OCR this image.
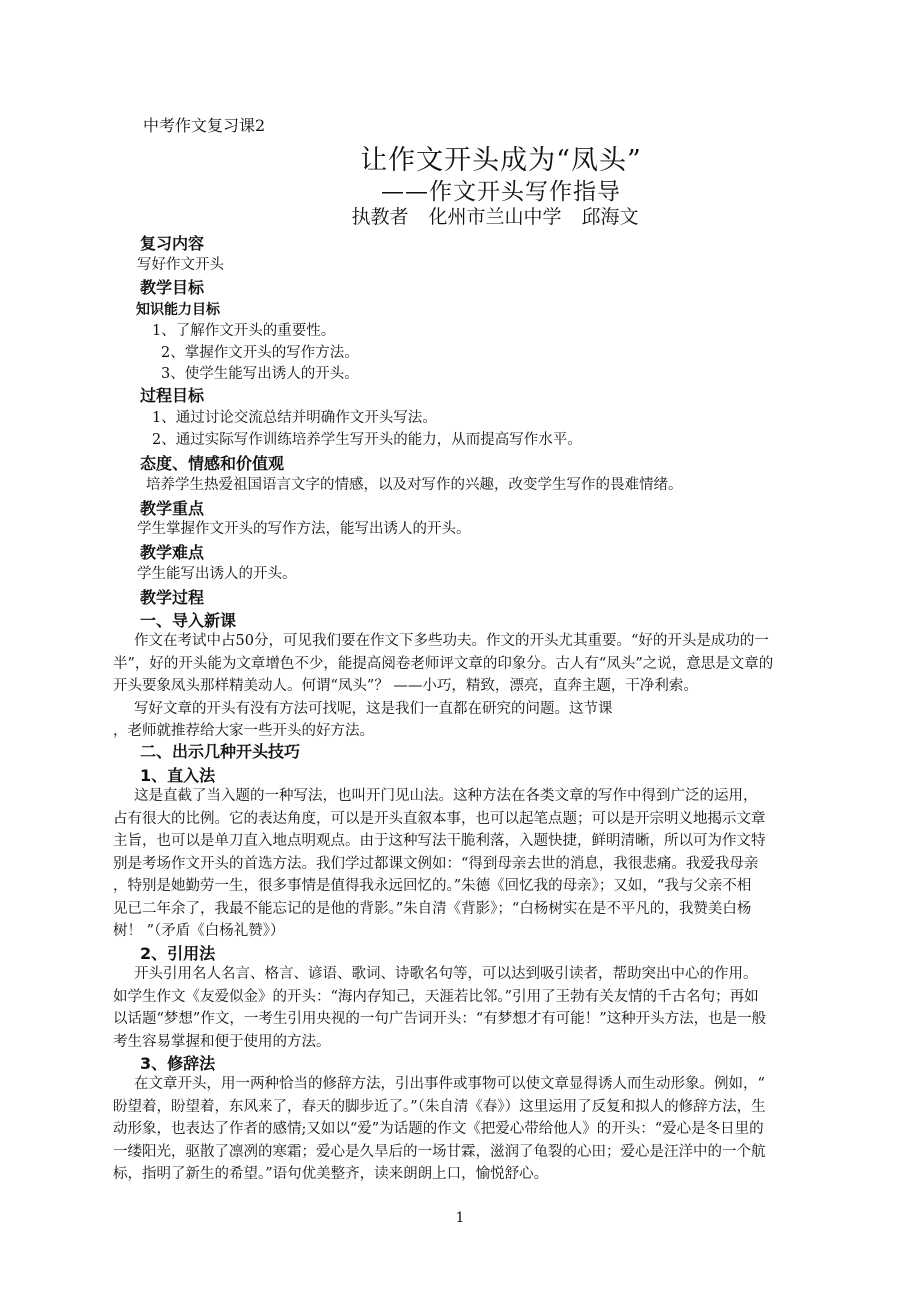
中考作文复习课2
让作文开头成为“凤头”
——作文开头写作指导
执教者 化州市兰山中学 邱海文
复习内容
写好作文开头
教学目标
知识能力目标
1、了解作文开头的重要性。
2、掌握作文开头的写作方法。
3、使学生能写出诱人的开头。
过程目标
1、通过讨论交流总结并明确作文开头写法。
2、通过实际写作训练培养学生写开头的能力，从而提高写作水平。
态度、情感和价值观
培养学生热爱祖国语言文字的情感，以及对写作的兴趣，改变学生写作的畏难情绪。
教学重点
学生掌握作文开头的写作方法，能写出诱人的开头。
教学难点
学生能写出诱人的开头。
教学过程
一、导入新课
作文在考试中占50分，可见我们要在作文下多些功夫。作文的开头尤其重要。“好的开头是成功的一
半”，好的开头能为文章增色不少，能提高阅卷老师评文章的印象分。古人有“凤头”之说，意思是文章的
开头要象凤头那样精美动人。何谓“凤头”？ ——小巧，精致，漂亮，直奔主题，干净利索。
写好文章的开头有没有方法可找呢，这是我们一直都在研究的问题。这节课
，老师就推荐给大家一些开头的好方法。
二、出示几种开头技巧
1、直入法
这是直截了当入题的一种写法，也叫开门见山法。这种方法在各类文章的写作中得到广泛的运用，
占有很大的比例。它的表达角度，可以是开头直叙本事，也可以起笔点题；可以是开宗明义地揭示文章
主旨，也可以是单刀直入地点明观点。由于这种写法干脆利落，入题快捷，鲜明清晰，所以可为作文特
别是考场作文开头的首选方法。我们学过都课文例如：“得到母亲去世的消息，我很悲痛。我爱我母亲
，特别是她勤劳一生，很多事情是值得我永远回忆的。”朱德《回忆我的母亲》；又如，“我与父亲不相
见已二年余了，我最不能忘记的是他的背影。”朱自清《背影》；“白杨树实在是不平凡的，我赞美白杨
树！ ”（矛盾《白杨礼赞》）
2、引用法
开头引用名人名言、格言、谚语、歌词、诗歌名句等，可以达到吸引读者，帮助突出中心的作用。
如学生作文《友爱似金》的开头：“海内存知己，天涯若比邻。”引用了王勃有关友情的千古名句；再如
以话题“梦想”作文，一考生引用央视的一句广告词开头：“有梦想才有可能！”这种开头方法，也是一般
考生容易掌握和便于使用的方法。
3、修辞法
在文章开头，用一两种恰当的修辞方法，引出事件或事物可以使文章显得诱人而生动形象。例如，“
盼望着，盼望着，东风来了，春天的脚步近了。”（朱自清《春》）这里运用了反复和拟人的修辞方法，生
动形象，也表达了作者的感情;又如以“爱”为话题的作文《把爱心带给他人》的开头：“爱心是冬日里的
一缕阳光，驱散了凛冽的寒霜；爱心是久旱后的一场甘霖，滋润了龟裂的心田；爱心是汪洋中的一个航
标，指明了新生的希望。”语句优美整齐，读来朗朗上口，愉悦舒心。
1
